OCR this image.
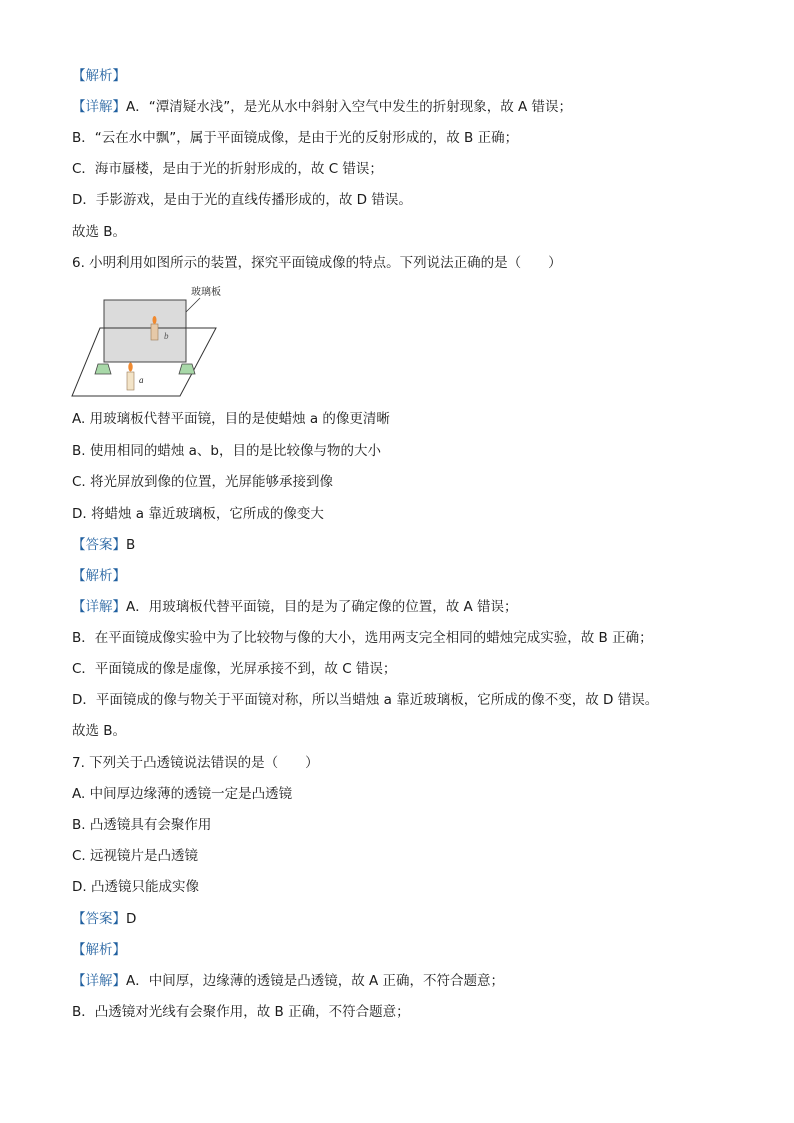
【解析】
【详解】A．“潭清疑水浅”，是光从水中斜射入空气中发生的折射现象，故 A 错误；
B．“云在水中飘”，属于平面镜成像，是由于光的反射形成的，故 B 正确；
C．海市蜃楼，是由于光的折射形成的，故 C 错误；
D．手影游戏，是由于光的直线传播形成的，故 D 错误。
故选 B。
6. 小明利用如图所示的装置，探究平面镜成像的特点。下列说法正确的是（　　）
b
a
玻璃板
A. 用玻璃板代替平面镜，目的是使蜡烛 a 的像更清晰
B. 使用相同的蜡烛 a、b，目的是比较像与物的大小
C. 将光屏放到像的位置，光屏能够承接到像
D. 将蜡烛 a 靠近玻璃板，它所成的像变大
【答案】B
【解析】
【详解】A．用玻璃板代替平面镜，目的是为了确定像的位置，故 A 错误；
B．在平面镜成像实验中为了比较物与像的大小，选用两支完全相同的蜡烛完成实验，故 B 正确；
C．平面镜成的像是虚像，光屏承接不到，故 C 错误；
D．平面镜成的像与物关于平面镜对称，所以当蜡烛 a 靠近玻璃板，它所成的像不变，故 D 错误。
故选 B。
7. 下列关于凸透镜说法错误的是（　　）
A. 中间厚边缘薄的透镜一定是凸透镜
B. 凸透镜具有会聚作用
C. 远视镜片是凸透镜
D. 凸透镜只能成实像
【答案】D
【解析】
【详解】A．中间厚，边缘薄的透镜是凸透镜，故 A 正确，不符合题意；
B．凸透镜对光线有会聚作用，故 B 正确，不符合题意；
